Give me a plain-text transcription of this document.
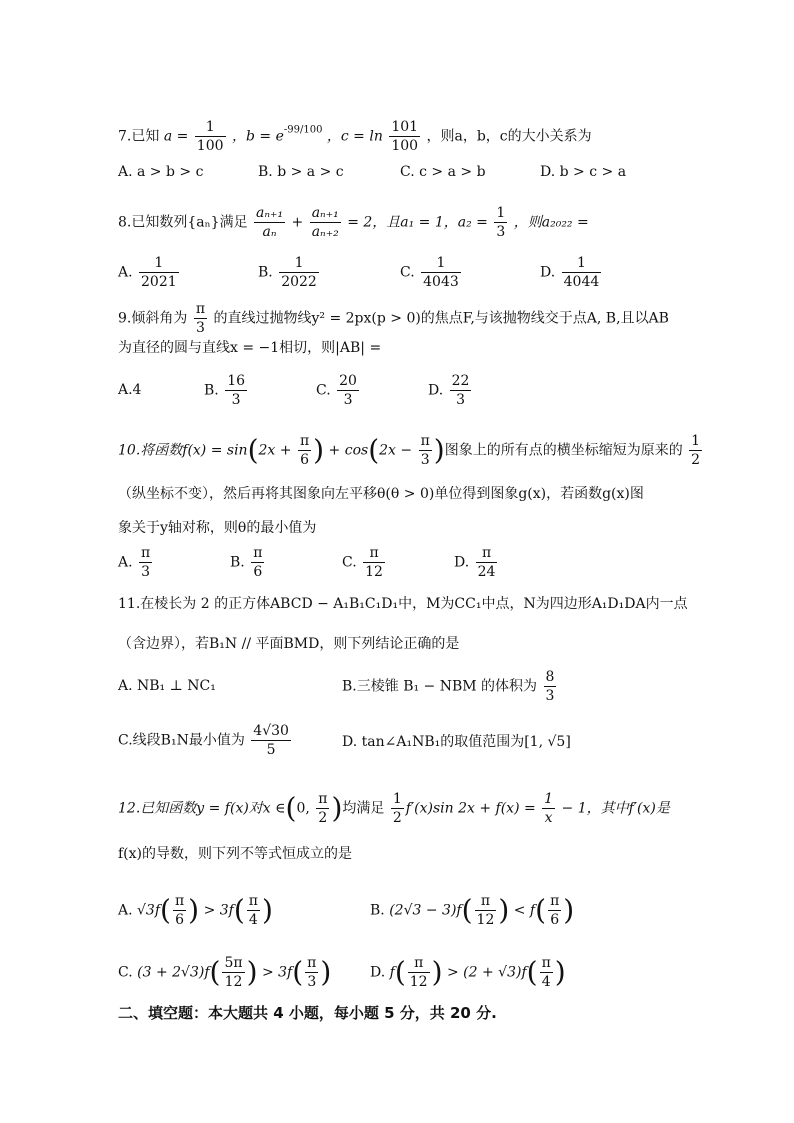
7.已知 $a = \frac{1}{100}$ ，$b = e^{-99/100}$ ，$c = \ln \frac{101}{100}$ ，则a，b，c的大小关系为
A. a > b > c	B. b > a > c	C. c > a > b	D. b > c > a
8.已知数列{aₙ}满足 $\frac{\text{aₙ₊₁}}{\text{aₙ}} + \frac{\text{aₙ₊₁}}{\text{aₙ₊₂}} = 2$，且a₁ = 1，$a_2 = \frac{1}{3}$ ，则a₂₀₂₂ =
A. $\frac{1}{2021}$	B. $\frac{1}{2022}$	C. $\frac{1}{4043}$	D. $\frac{1}{4044}$
9.倾斜角为 $\frac{\pi}{3}$ 的直线过抛物线y² = 2px(p > 0)的焦点F,与该抛物线交于点A, B,且以AB
为直径的圆与直线x = −1相切，则|AB| =
A.4	B. $\frac{16}{3}$	C. $\frac{20}{3}$	D. $\frac{22}{3}$
10.将函数$f(x) = \sin(2x + \frac{\pi}{6}$ ) + $\cos(2x - \frac{\pi}{3}$ )图象上的所有点的横坐标缩短为原来的 $\frac{1}{2}$
（纵坐标不变），然后再将其图象向左平移θ(θ > 0)单位得到图象g(x)，若函数g(x)图
象关于y轴对称，则θ的最小值为
A. $\frac{\pi}{3}$	B. $\frac{\pi}{6}$	C. $\frac{\pi}{12}$	D. $\frac{\pi}{24}$
11.在棱长为 2 的正方体ABCD − A₁B₁C₁D₁中，M为CC₁中点，N为四边形A₁D₁DA内一点
（含边界），若B₁N // 平面BMD，则下列结论正确的是
A. NB₁ ⊥ NC₁	B.三棱锥 B₁ − NBM 的体积为 $\frac{8}{3}$
C.线段B₁N最小值为 $\frac{4√30}{5}$	D. tan∠A₁NB₁的取值范围为[1, √5]
12.已知函数y = f(x)对x ∈(0, $\frac{\pi}{2}$ )均满足 $\frac{1}{2} f'(x)\sin$ $2x + f(x) = \frac{1}{x} - 1$，其中f′(x)是
f(x)的导数，则下列不等式恒成立的是
A. $√3f( \frac{\pi}{6}$ ) > $3f( \frac{\pi}{4}$ )	B. $(2√3 - 3)f( \frac{\pi}{12}$ ) < $f( \frac{\pi}{6}$ )
C. $(3 + 2√3)f( \frac{5\pi}{12}$ ) > $3f( \frac{\pi}{3}$ )	D. $f( \frac{\pi}{12}$ ) > $(2 + √3)f( \frac{\pi}{4}$ )
二、填空题：本大题共 4 小题，每小题 5 分，共 20 分.
